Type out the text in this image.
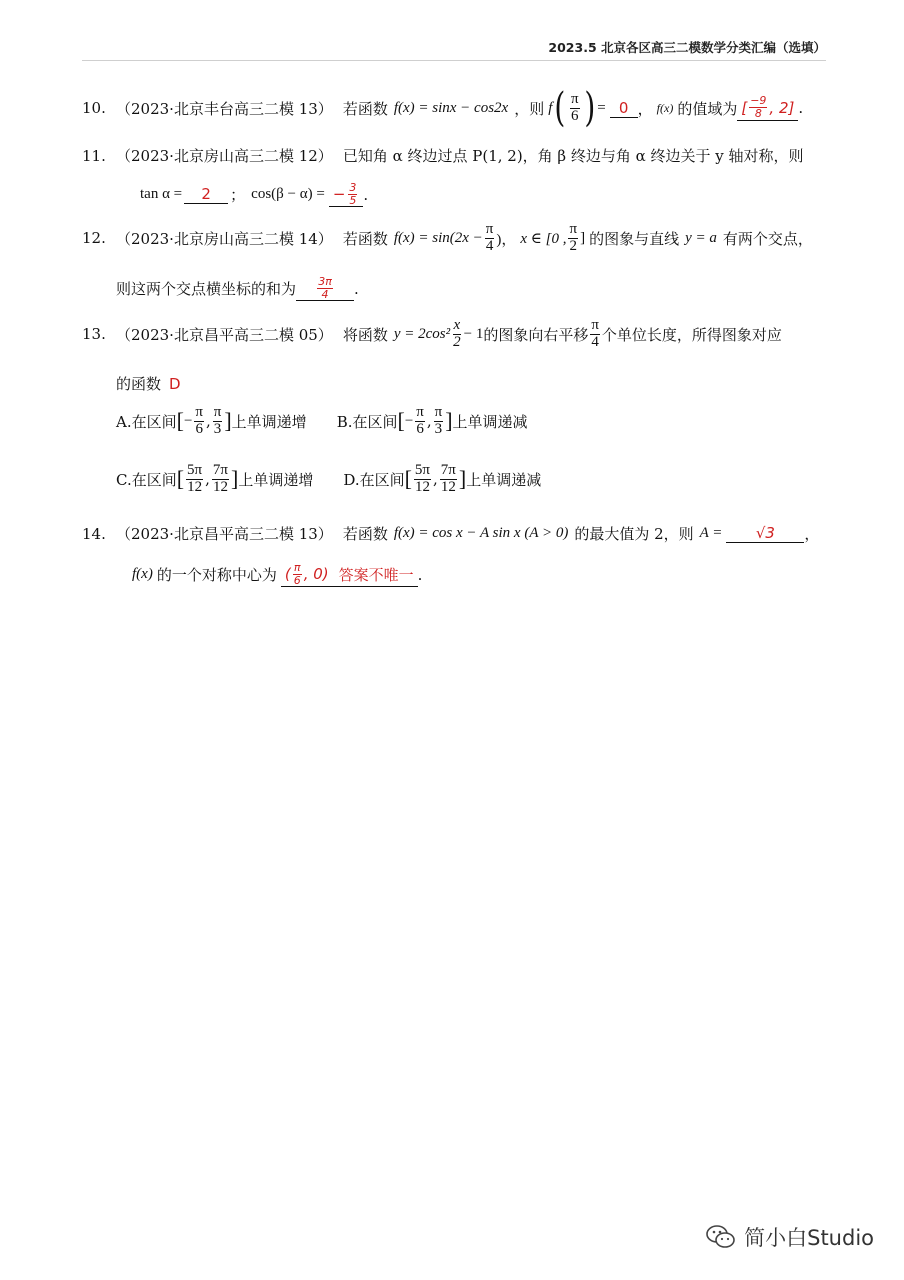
2023.5 北京各区高三二模数学分类汇编（选填）
10. （2023·北京丰台高三二模 13） 若函数 f(x) = sinx − cos2x ，则 f ( $\frac{\pi}{6}$ ) = 0 ， f(x) 的值域为 [ $\frac{-9}{8}$ , 2] .
11. （2023·北京房山高三二模 12） 已知角 α 终边过点 P(1, 2)，角 β 终边与角 α 终边关于 y 轴对称，则
tan α = 2 ； cos(β − α) = − $\frac{3}{5}$ .
12. （2023·北京房山高三二模 14） 若函数 $f(x) = \sin(2x - \frac{\pi}{4}$ )， x ∈ [0 , $\frac{\pi}{2}$ ] 的图象与直线 y = a 有两个交点，
则这两个交点横坐标的和为 $\frac{3\pi}{4}$ .
13. （2023·北京昌平高三二模 05） 将函数 $y = 2\cos^2 \frac{x}{2} - 1$ 的图象向右平移 $\frac{\pi}{4}$ 个单位长度，所得图象对应
的函数 D
A.在区间 [ − $\frac{\pi}{6}$ , $\frac{\pi}{3}$ ] 上单调递增 B.在区间 [ − $\frac{\pi}{6}$ , $\frac{\pi}{3}$ ] 上单调递减
C.在区间 [ $\frac{5\pi}{12}$ , $\frac{7\pi}{12}$ ] 上单调递增 D.在区间 [ $\frac{5\pi}{12}$ , $\frac{7\pi}{12}$ ] 上单调递减
14. （2023·北京昌平高三二模 13） 若函数 f(x) = cos x − A sin x (A > 0) 的最大值为 2，则 A = √3 ，
f(x) 的一个对称中心为 ( $\frac{\pi}{6}$ , 0) 答案不唯一 .
简小白Studio
